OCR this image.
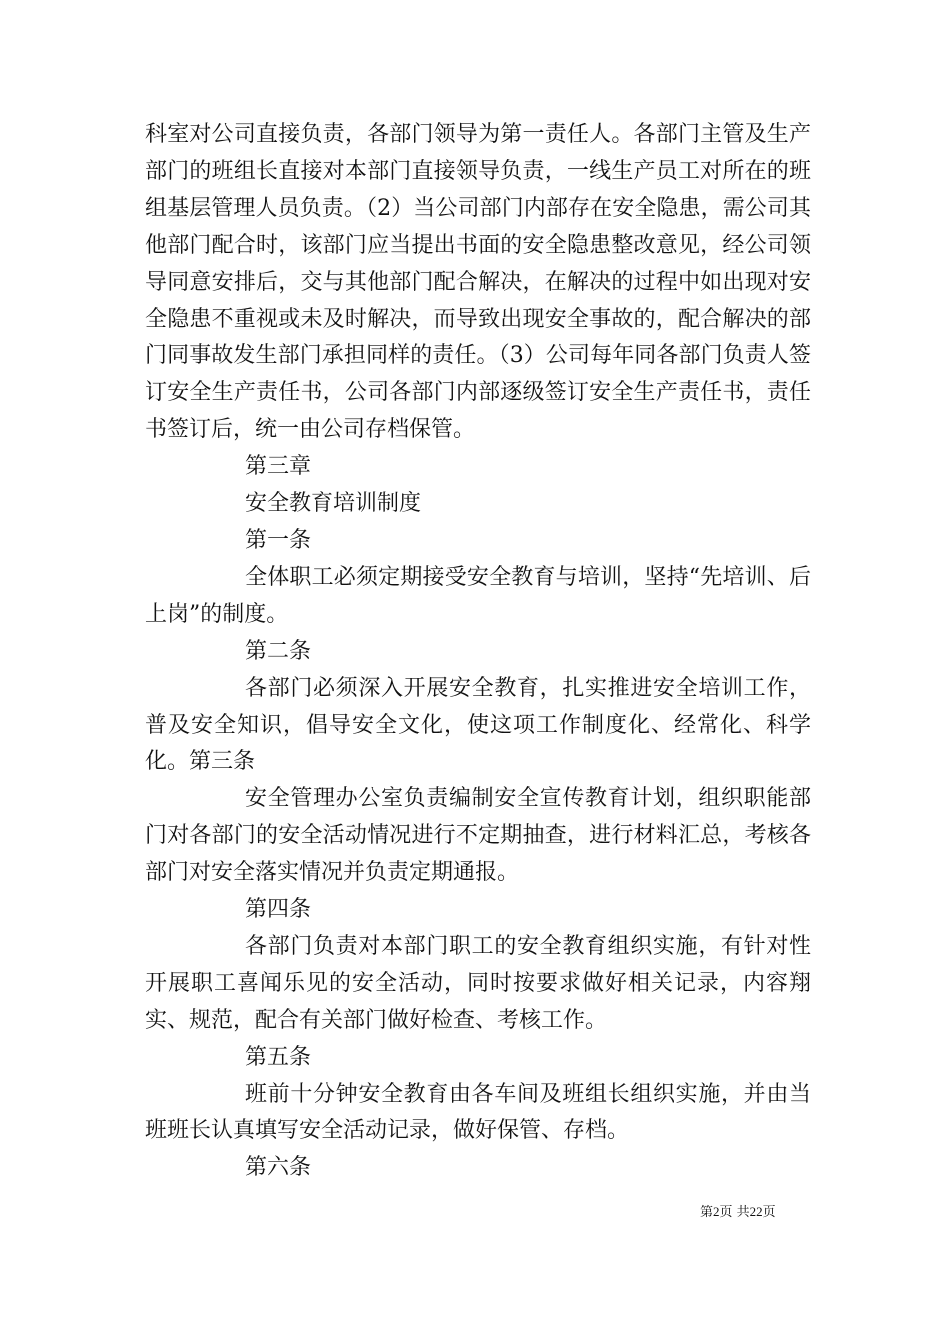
科室对公司直接负责，各部门领导为第一责任人。各部门主管及生产部门的班组长直接对本部门直接领导负责，一线生产员工对所在的班组基层管理人员负责。（2）当公司部门内部存在安全隐患，需公司其他部门配合时，该部门应当提出书面的安全隐患整改意见，经公司领导同意安排后，交与其他部门配合解决，在解决的过程中如出现对安全隐患不重视或未及时解决，而导致出现安全事故的，配合解决的部门同事故发生部门承担同样的责任。（3）公司每年同各部门负责人签订安全生产责任书，公司各部门内部逐级签订安全生产责任书，责任书签订后，统一由公司存档保管。

第三章

安全教育培训制度

第一条

全体职工必须定期接受安全教育与培训，坚持“先培训、后上岗”的制度。

第二条

各部门必须深入开展安全教育，扎实推进安全培训工作，普及安全知识，倡导安全文化，使这项工作制度化、经常化、科学化。第三条

安全管理办公室负责编制安全宣传教育计划，组织职能部门对各部门的安全活动情况进行不定期抽查，进行材料汇总，考核各部门对安全落实情况并负责定期通报。

第四条

各部门负责对本部门职工的安全教育组织实施，有针对性开展职工喜闻乐见的安全活动，同时按要求做好相关记录，内容翔实、规范，配合有关部门做好检查、考核工作。

第五条

班前十分钟安全教育由各车间及班组长组织实施，并由当班班长认真填写安全活动记录，做好保管、存档。

第六条

第2页 共22页
